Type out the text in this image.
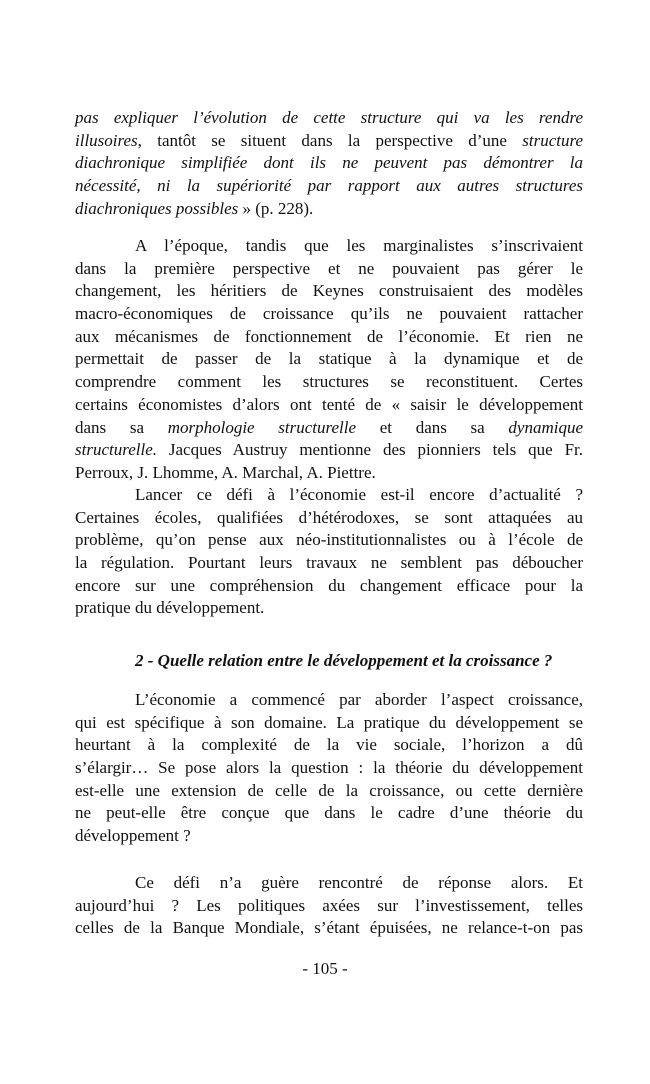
2 - Quelle relation entre le développement et la croissance ?
- 105 -
pas expliquer l’évolution de cette structure qui va les rendre
illusoires, tantôt se situent dans la perspective d’une structure
diachronique simplifiée dont ils ne peuvent pas démontrer la
nécessité, ni la supériorité par rapport aux autres structures
diachroniques possibles » (p. 228).
A l’époque, tandis que les marginalistes s’inscrivaient
dans la première perspective et ne pouvaient pas gérer le
changement, les héritiers de Keynes construisaient des modèles
macro-économiques de croissance qu’ils ne pouvaient rattacher
aux mécanismes de fonctionnement de l’économie. Et rien ne
permettait de passer de la statique à la dynamique et de
comprendre comment les structures se reconstituent. Certes
certains économistes d’alors ont tenté de « saisir le développement
dans sa morphologie structurelle et dans sa dynamique
structurelle. Jacques Austruy mentionne des pionniers tels que Fr.
Perroux, J. Lhomme, A. Marchal, A. Piettre.
Lancer ce défi à l’économie est-il encore d’actualité ?
Certaines écoles, qualifiées d’hétérodoxes, se sont attaquées au
problème, qu’on pense aux néo-institutionnalistes ou à l’école de
la régulation. Pourtant leurs travaux ne semblent pas déboucher
encore sur une compréhension du changement efficace pour la
pratique du développement.
L’économie a commencé par aborder l’aspect croissance,
qui est spécifique à son domaine. La pratique du développement se
heurtant à la complexité de la vie sociale, l’horizon a dû
s’élargir… Se pose alors la question : la théorie du développement
est-elle une extension de celle de la croissance, ou cette dernière
ne peut-elle être conçue que dans le cadre d’une théorie du
développement ?
Ce défi n’a guère rencontré de réponse alors. Et
aujourd’hui ? Les politiques axées sur l’investissement, telles
celles de la Banque Mondiale, s’étant épuisées, ne relance-t-on pas
